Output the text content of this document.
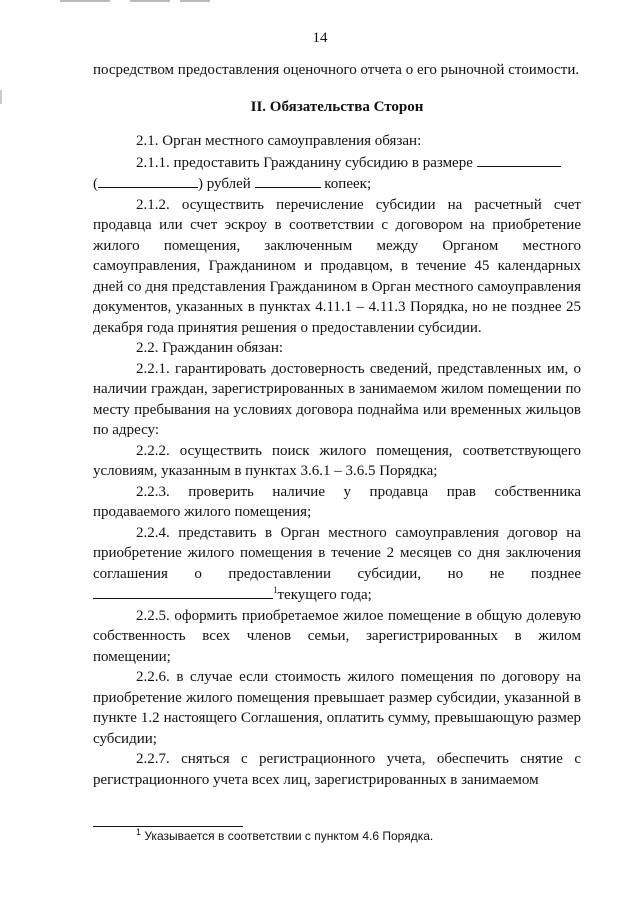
14

посредством предоставления оценочного отчета о его рыночной стоимости.

II. Обязательства Сторон

2.1. Орган местного самоуправления обязан:

2.1.1. предоставить Гражданину субсидию в размере

(	) рублей	копеек;

2.1.2. осуществить перечисление субсидии на расчетный счет продавца или счет эскроу в соответствии с договором на приобретение жилого помещения, заключенным между Органом местного самоуправления, Гражданином и продавцом, в течение 45 календарных дней со дня представления Гражданином в Орган местного самоуправления документов, указанных в пунктах 4.11.1 – 4.11.3 Порядка, но не позднее 25 декабря года принятия решения о предоставлении субсидии.

2.2. Гражданин обязан:

2.2.1. гарантировать достоверность сведений, представленных им, о наличии граждан, зарегистрированных в занимаемом жилом помещении по месту пребывания на условиях договора поднайма или временных жильцов по адресу:

2.2.2. осуществить поиск жилого помещения, соответствующего условиям, указанным в пунктах 3.6.1 – 3.6.5 Порядка;

2.2.3. проверить наличие у продавца прав собственника продаваемого жилого помещения;

2.2.4. представить в Орган местного самоуправления договор на приобретение жилого помещения в течение 2 месяцев со дня заключения соглашения о предоставлении субсидии, но не позднее $^1$текущего года;

2.2.5. оформить приобретаемое жилое помещение в общую долевую собственность всех членов семьи, зарегистрированных в жилом помещении;

2.2.6. в случае если стоимость жилого помещения по договору на приобретение жилого помещения превышает размер субсидии, указанной в пункте 1.2 настоящего Соглашения, оплатить сумму, превышающую размер субсидии;

2.2.7. сняться с регистрационного учета, обеспечить снятие с регистрационного учета всех лиц, зарегистрированных в занимаемом

$^1$ Указывается в соответствии с пунктом 4.6 Порядка.
